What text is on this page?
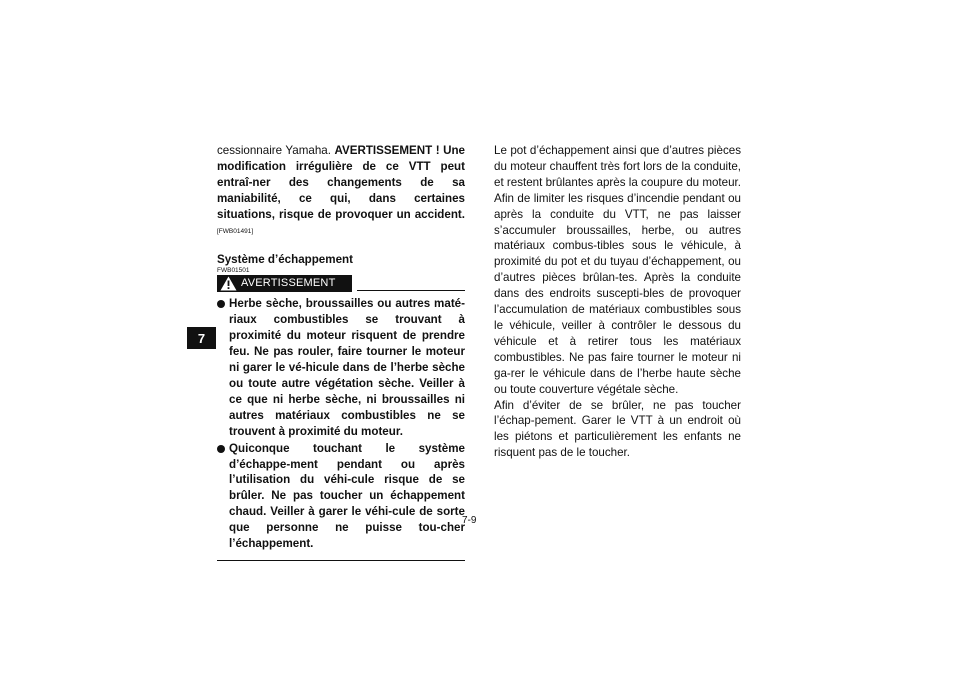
7

cessionnaire Yamaha. AVERTISSEMENT ! Une modification irrégulière de ce VTT peut entraî-ner des changements de sa maniabilité, ce qui, dans certaines situations, risque de provoquer un accident. [FWB01491]

Système d’échappement
FWB01501
AVERTISSEMENT
Herbe sèche, broussailles ou autres maté-riaux combustibles se trouvant à proximité du moteur risquent de prendre feu. Ne pas rouler, faire tourner le moteur ni garer le vé-hicule dans de l’herbe sèche ou toute autre végétation sèche. Veiller à ce que ni herbe sèche, ni broussailles ni autres matériaux combustibles ne se trouvent à proximité du moteur.
Quiconque touchant le système d’échappe-ment pendant ou après l’utilisation du véhi-cule risque de se brûler. Ne pas toucher un échappement chaud. Veiller à garer le véhi-cule de sorte que personne ne puisse tou-cher l’échappement.

Le pot d’échappement ainsi que d’autres pièces du moteur chauffent très fort lors de la conduite, et restent brûlantes après la coupure du moteur. Afin de limiter les risques d’incendie pendant ou après la conduite du VTT, ne pas laisser s’accumuler broussailles, herbe, ou autres matériaux combus-tibles sous le véhicule, à proximité du pot et du tuyau d’échappement, ou d’autres pièces brûlan-tes. Après la conduite dans des endroits suscepti-bles de provoquer l’accumulation de matériaux combustibles sous le véhicule, veiller à contrôler le dessous du véhicule et à retirer tous les matériaux combustibles. Ne pas faire tourner le moteur ni ga-rer le véhicule dans de l’herbe haute sèche ou toute couverture végétale sèche.

Afin d’éviter de se brûler, ne pas toucher l’échap-pement. Garer le VTT à un endroit où les piétons et particulièrement les enfants ne risquent pas de le toucher.

7-9
